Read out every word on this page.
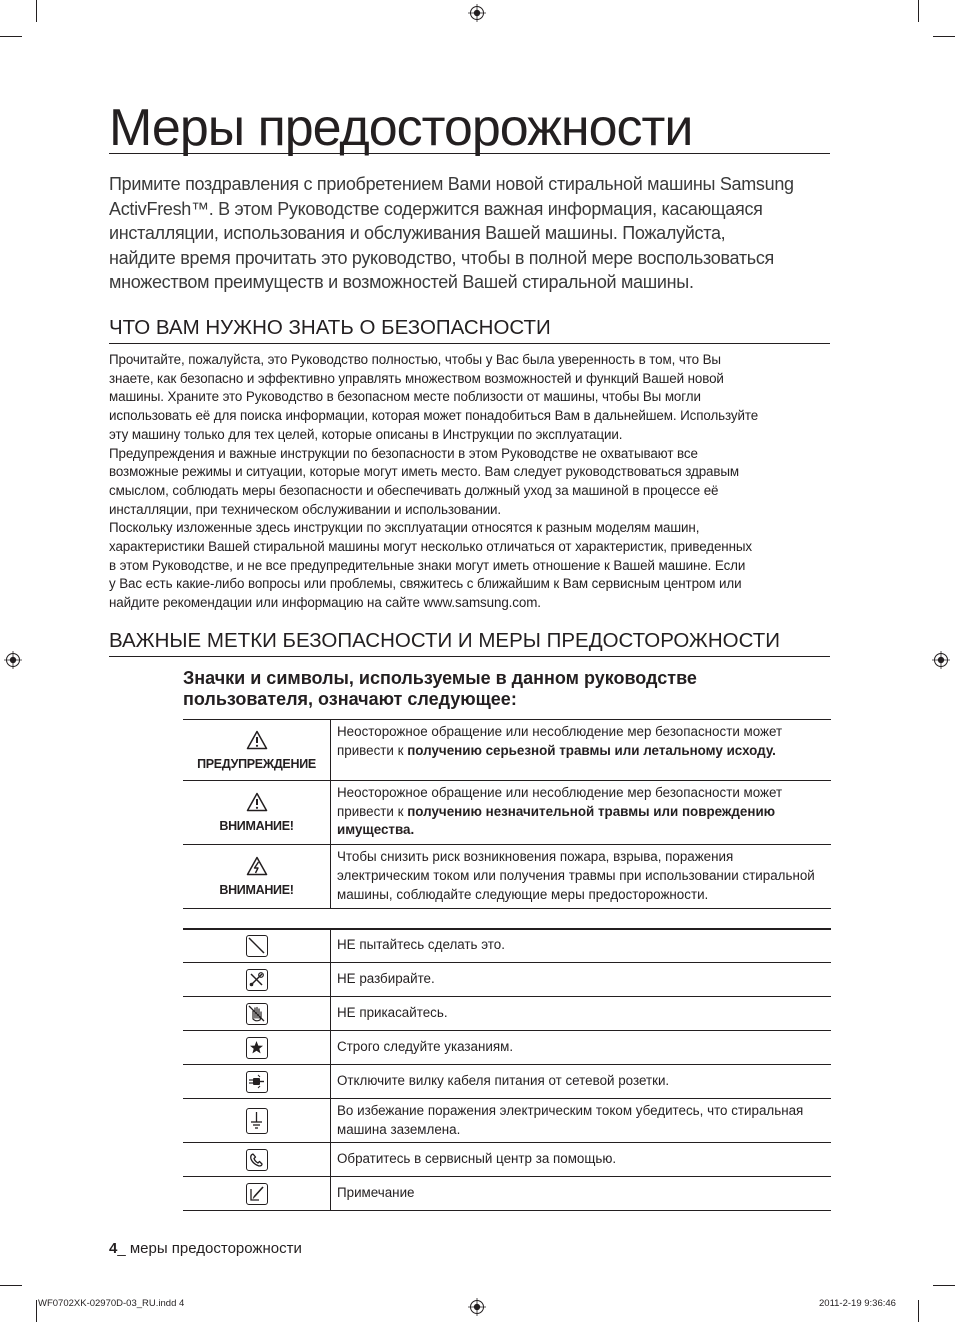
Меры предосторожности

Примите поздравления с приобретением Вами новой стиральной машины Samsung

ActivFresh™. В этом Руководстве содержится важная информация, касающаяся

инсталляции, использования и обслуживания Вашей машины. Пожалуйста,

найдите время прочитать это руководство, чтобы в полной мере воспользоваться

множеством преимуществ и возможностей Вашей стиральной машины.

ЧТО ВАМ НУЖНО ЗНАТЬ О БЕЗОПАСНОСТИ

Прочитайте, пожалуйста, это Руководство полностью, чтобы у Вас была уверенность в том, что Вы

знаете, как безопасно и эффективно управлять множеством возможностей и функций Вашей новой

машины. Храните это Руководство в безопасном месте поблизости от машины, чтобы Вы могли

использовать её для поиска информации, которая может понадобиться Вам в дальнейшем. Используйте

эту машину только для тех целей, которые описаны в Инструкции по эксплуатации.

Предупреждения и важные инструкции по безопасности в этом Руководстве не охватывают все

возможные режимы и ситуации, которые могут иметь место. Вам следует руководствоваться здравым

смыслом, соблюдать меры безопасности и обеспечивать должный уход за машиной в процессе её

инсталляции, при техническом обслуживании и использовании.

Поскольку изложенные здесь инструкции по эксплуатации относятся к разным моделям машин,

характеристики Вашей стиральной машины могут несколько отличаться от характеристик, приведенных

в этом Руководстве, и не все предупредительные знаки могут иметь отношение к Вашей машине. Если

у Вас есть какие-либо вопросы или проблемы, свяжитесь с ближайшим к Вам сервисным центром или

найдите рекомендации или информацию на сайте www.samsung.com.

ВАЖНЫЕ МЕТКИ БЕЗОПАСНОСТИ И МЕРЫ ПРЕДОСТОРОЖНОСТИ
Значки и символы, используемые в данном руководстве
пользователя, означают следующее:
ПРЕДУПРЕЖДЕНИЕ	Неосторожное обращение или несоблюдение мер безопасности может привести к получению серьезной травмы или летальному исходу.

ВНИМАНИЕ!	Неосторожное обращение или несоблюдение мер безопасности может привести к получению незначительной травмы или повреждению имущества.

ВНИМАНИЕ!	Чтобы снизить риск возникновения пожара, взрыва, поражения электрическим током или получения травмы при использовании стиральной машины, соблюдайте следующие меры предосторожности.

	НЕ пытайтесь сделать это.

	НЕ разбирайте.

	НЕ прикасайтесь.

	Строго следуйте указаниям.

	Отключите вилку кабеля питания от сетевой розетки.

	Во избежание поражения электрическим током убедитесь, что стиральная машина заземлена.

	Обратитесь в сервисный центр за помощью.

	Примечание
4_ меры предосторожности
WF0702XK-02970D-03_RU.indd 4	2011-2-19 9:36:46
